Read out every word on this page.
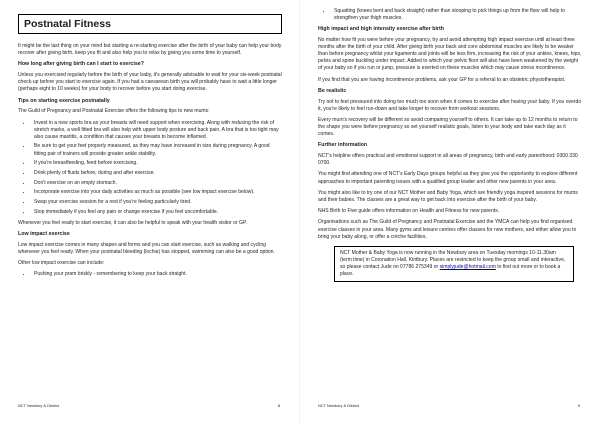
Postnatal Fitness

It might be the last thing on your mind but starting a re-starting exercise after the birth of your baby can help your body recover after giving birth, keep you fit and also help you to relax by giving you some time to yourself.

How long after giving birth can I start to exercise?

Unless you exercised regularly before the birth of your baby, it's generally advisable to wait for your six-week postnatal check-up before you start to exercise again. If you had a caesarean birth you will probably have to wait a little longer (perhaps eight to 10 weeks) for your body to recover before you start doing exercise.

Tips on starting exercise postnatally

The Guild of Pregnancy and Postnatal Exercise offers the following tips to new mums:

• Invest in a new sports bra as your breasts will need support when exercising. Along with reducing the risk of stretch marks, a well fitted bra will also help with upper body posture and back pain. A bra that is too tight may also cause mastitis, a condition that causes your breasts to become inflamed.
• Be sure to get your feet properly measured, as they may have increased in size during pregnancy. A good fitting pair of trainers will provide greater ankle stability.
• If you're breastfeeding, feed before exercising.
• Drink plenty of fluids before, during and after exercise.
• Don't exercise on an empty stomach.
• Incorporate exercise into your daily activities as much as possible (see low impact exercise below).
• Swap your exercise session for a rest if you're feeling particularly tired.
• Stop immediately if you feel any pain or change exercise if you feel uncomfortable.

Whenever you feel ready to start exercise, it can also be helpful to speak with your health visitor or GP.

Low impact exercise

Low impact exercise comes in many shapes and forms and you can start exercise, such as walking and cycling whenever you feel ready. When your postnatal bleeding (lochia) has stopped, swimming can also be a good option.

Other low impact exercise can include:

• Pushing your pram briskly - remembering to keep your back straight.
NCT Newbury & District	8
• Squatting (knees bent and back straight) rather than stooping to pick things up from the floor will help to strengthen your thigh muscles.
High impact and high intensity exercise after birth

No matter how fit you were before your pregnancy, try and avoid attempting high impact exercise until at least three months after the birth of your child. After giving birth your back and core abdominal muscles are likely to be weaker than before pregnancy whilst your ligaments and joints will be less firm, increasing the risk of your ankles, knees, hips, pelvis and spine buckling under impact. Added to which your pelvic floor will also have been weakened by the weight of your baby so if you run or jump, pressure is exerted on these muscles which may cause stress incontinence.

If you find that you are having incontinence problems, ask your GP for a referral to an obstetric physiotherapist.

Be realistic

Try not to feel pressured into doing too much too soon when it comes to exercise after having your baby. If you overdo it, you're likely to feel run-down and take longer to recover from workout sessions.

Every mum's recovery will be different so avoid comparing yourself to others. It can take up to 12 months to return to the shape you were before pregnancy so set yourself realistic goals, listen to your body and take each day as it comes.

Further information

NCT's helpline offers practical and emotional support in all areas of pregnancy, birth and early parenthood: 0300 330 0700.

You might find attending one of NCT's Early Days groups helpful as they give you the opportunity to explore different approaches to important parenting issues with a qualified group leader and other new parents in your area.

You might also like to try one of our NCT Mother and Baby Yoga, which are friendly yoga inspired sessions for mums and their babies. The classes are a great way to get back into exercise after the birth of your baby.

NHS Birth to Five guide offers information on Health and Fitness for new parents.

Organisations such as The Guild of Pregnancy and Postnatal Exercise and the YMCA can help you find organised exercise classes in your area. Many gyms and leisure centres offer classes for new mothers, and either allow you to bring your baby along, or offer a crèche facilities.

NCT Mother & Baby Yoga is now running in the Newbury area on Tuesday mornings 10-11.30am (term time) in Coronation Hall, Kintbury. Places are restricted to keep the group small and interactive, so please contact Jude on 07786 275349 or simplyjude@hotmail.com to find out more or to book a place.

NCT Newbury & District	9
